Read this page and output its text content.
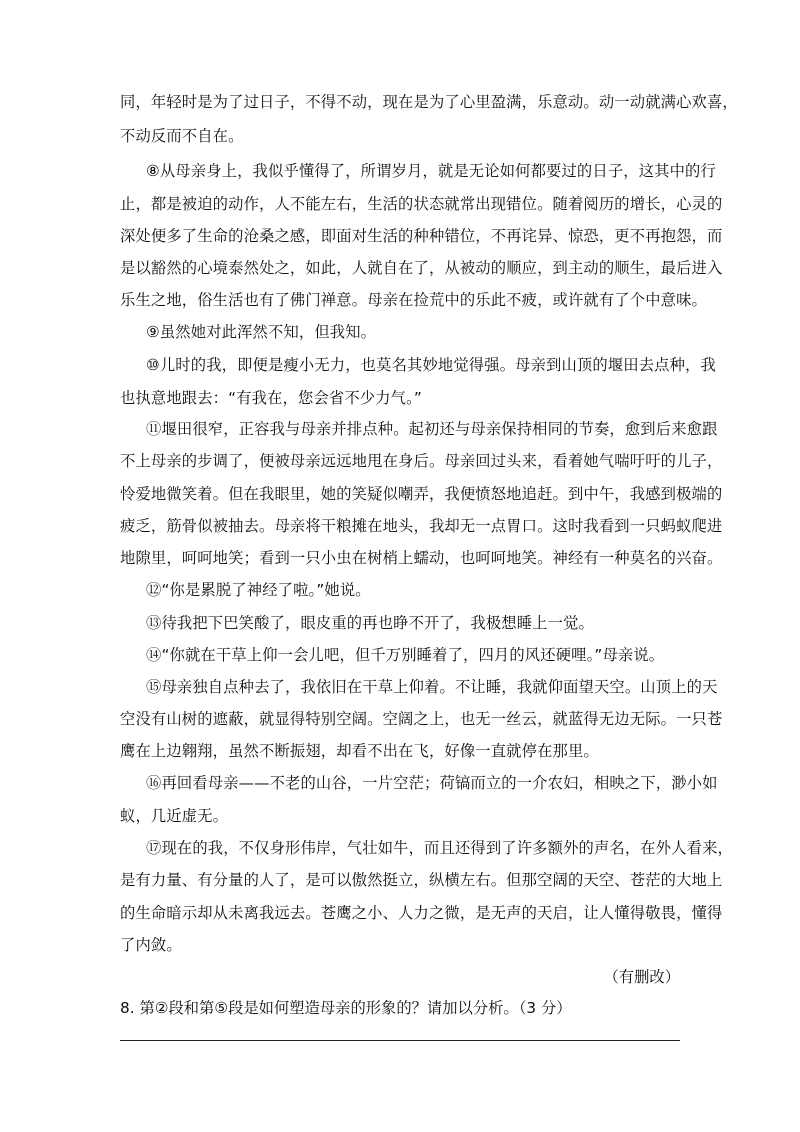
同，年轻时是为了过日子，不得不动，现在是为了心里盈满，乐意动。动一动就满心欢喜，
不动反而不自在。
⑧从母亲身上，我似乎懂得了，所谓岁月，就是无论如何都要过的日子，这其中的行
止，都是被迫的动作，人不能左右，生活的状态就常出现错位。随着阅历的增长，心灵的
深处便多了生命的沧桑之感，即面对生活的种种错位，不再诧异、惊恐，更不再抱怨，而
是以豁然的心境泰然处之，如此，人就自在了，从被动的顺应，到主动的顺生，最后进入
乐生之地，俗生活也有了佛门禅意。母亲在捡荒中的乐此不疲，或许就有了个中意味。
⑨虽然她对此浑然不知，但我知。
⑩儿时的我，即便是瘦小无力，也莫名其妙地觉得强。母亲到山顶的堰田去点种，我
也执意地跟去：“有我在，您会省不少力气。”
⑪堰田很窄，正容我与母亲并排点种。起初还与母亲保持相同的节奏，愈到后来愈跟
不上母亲的步调了，便被母亲远远地甩在身后。母亲回过头来，看着她气喘吁吁的儿子，
怜爱地微笑着。但在我眼里，她的笑疑似嘲弄，我便愤怒地追赶。到中午，我感到极端的
疲乏，筋骨似被抽去。母亲将干粮摊在地头，我却无一点胃口。这时我看到一只蚂蚁爬进
地隙里，呵呵地笑；看到一只小虫在树梢上蠕动，也呵呵地笑。神经有一种莫名的兴奋。
⑫“你是累脱了神经了啦。”她说。
⑬待我把下巴笑酸了，眼皮重的再也睁不开了，我极想睡上一觉。
⑭“你就在干草上仰一会儿吧，但千万别睡着了，四月的风还硬哩。”母亲说。
⑮母亲独自点种去了，我依旧在干草上仰着。不让睡，我就仰面望天空。山顶上的天
空没有山树的遮蔽，就显得特别空阔。空阔之上，也无一丝云，就蓝得无边无际。一只苍
鹰在上边翱翔，虽然不断振翅，却看不出在飞，好像一直就停在那里。
⑯再回看母亲——不老的山谷，一片空茫；荷镐而立的一介农妇，相映之下，渺小如
蚁，几近虚无。
⑰现在的我，不仅身形伟岸，气壮如牛，而且还得到了许多额外的声名，在外人看来，
是有力量、有分量的人了，是可以傲然挺立，纵横左右。但那空阔的天空、苍茫的大地上
的生命暗示却从未离我远去。苍鹰之小、人力之微，是无声的天启，让人懂得敬畏，懂得
了内敛。
（有删改）
8. 第②段和第⑤段是如何塑造母亲的形象的？请加以分析。（3 分）
